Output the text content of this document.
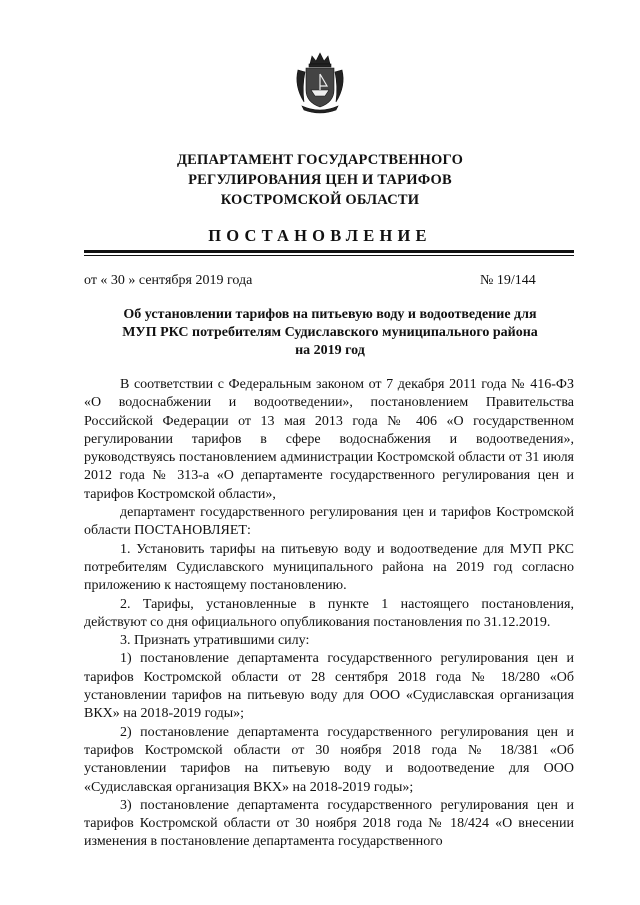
ДЕПАРТАМЕНТ ГОСУДАРСТВЕННОГО
РЕГУЛИРОВАНИЯ ЦЕН И ТАРИФОВ
КОСТРОМСКОЙ ОБЛАСТИ
ПОСТАНОВЛЕНИЕ
от « 30 » сентября 2019 года	№ 19/144
Об установлении тарифов на питьевую воду и водоотведение для
МУП РКС потребителям Судиславского муниципального района
на 2019 год

В соответствии с Федеральным законом от 7 декабря 2011 года № 416-ФЗ «О водоснабжении и водоотведении», постановлением Правительства Российской Федерации от 13 мая 2013 года № 406 «О государственном регулировании тарифов в сфере водоснабжения и водоотведения», руководствуясь постановлением администрации Костромской области от 31 июля 2012 года № 313-а «О департаменте государственного регулирования цен и тарифов Костромской области»,

департамент государственного регулирования цен и тарифов Костромской области ПОСТАНОВЛЯЕТ:

1. Установить тарифы на питьевую воду и водоотведение для МУП РКС потребителям Судиславского муниципального района на 2019 год согласно приложению к настоящему постановлению.

2. Тарифы, установленные в пункте 1 настоящего постановления, действуют со дня официального опубликования постановления по 31.12.2019.

3. Признать утратившими силу:

1) постановление департамента государственного регулирования цен и тарифов Костромской области от 28 сентября 2018 года № 18/280 «Об установлении тарифов на питьевую воду для ООО «Судиславская организация ВКХ» на 2018-2019 годы»;

2) постановление департамента государственного регулирования цен и тарифов Костромской области от 30 ноября 2018 года № 18/381 «Об установлении тарифов на питьевую воду и водоотведение для ООО «Судиславская организация ВКХ» на 2018-2019 годы»;

3) постановление департамента государственного регулирования цен и тарифов Костромской области от 30 ноября 2018 года № 18/424 «О внесении изменения в постановление департамента государственного
